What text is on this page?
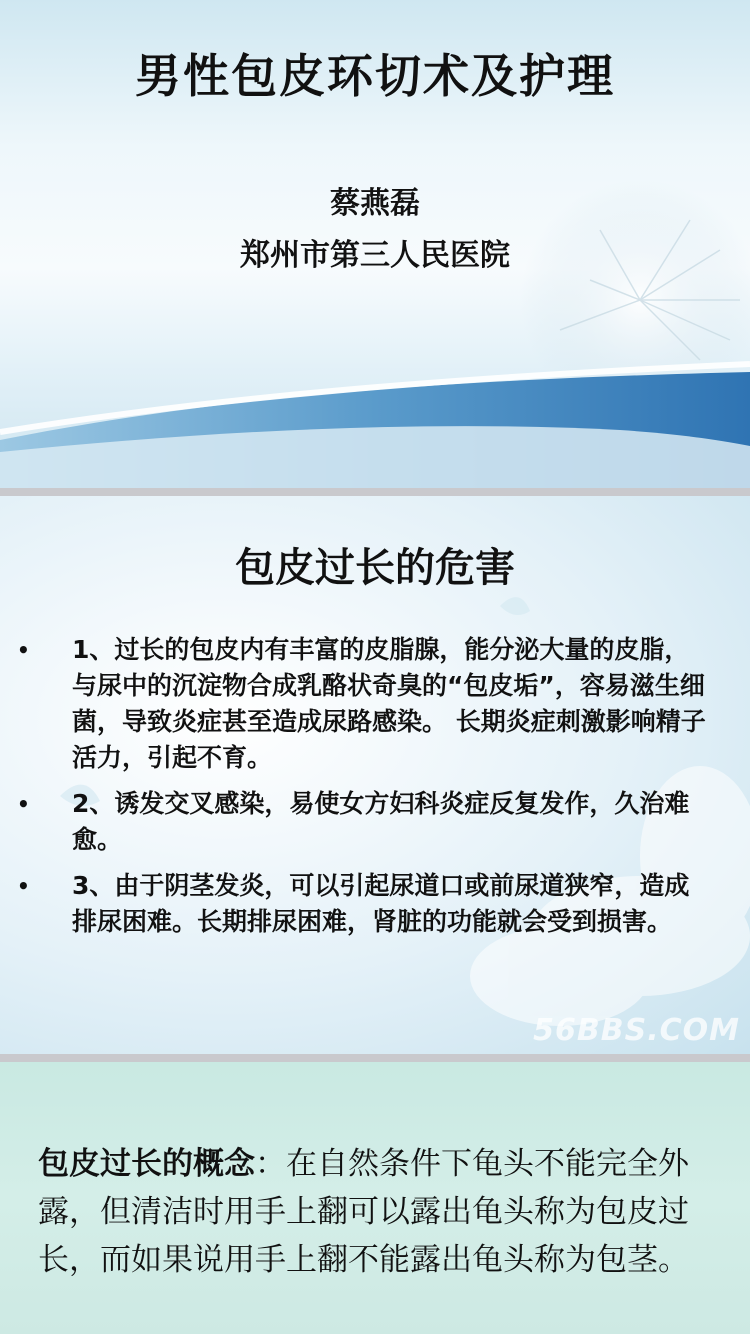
男性包皮环切术及护理
蔡燕磊
郑州市第三人民医院
包皮过长的危害
• 1、过长的包皮内有丰富的皮脂腺，能分泌大量的皮脂，与尿中的沉淀物合成乳酪状奇臭的“包皮垢”，容易滋生细菌，导致炎症甚至造成尿路感染。 长期炎症刺激影响精子活力，引起不育。
• 2、诱发交叉感染，易使女方妇科炎症反复发作，久治难愈。
• 3、由于阴茎发炎，可以引起尿道口或前尿道狭窄，造成排尿困难。长期排尿困难，肾脏的功能就会受到损害。
56BBS.COM
包皮过长的概念：在自然条件下龟头不能完全外露，但清洁时用手上翻可以露出龟头称为包皮过长，而如果说用手上翻不能露出龟头称为包茎。
